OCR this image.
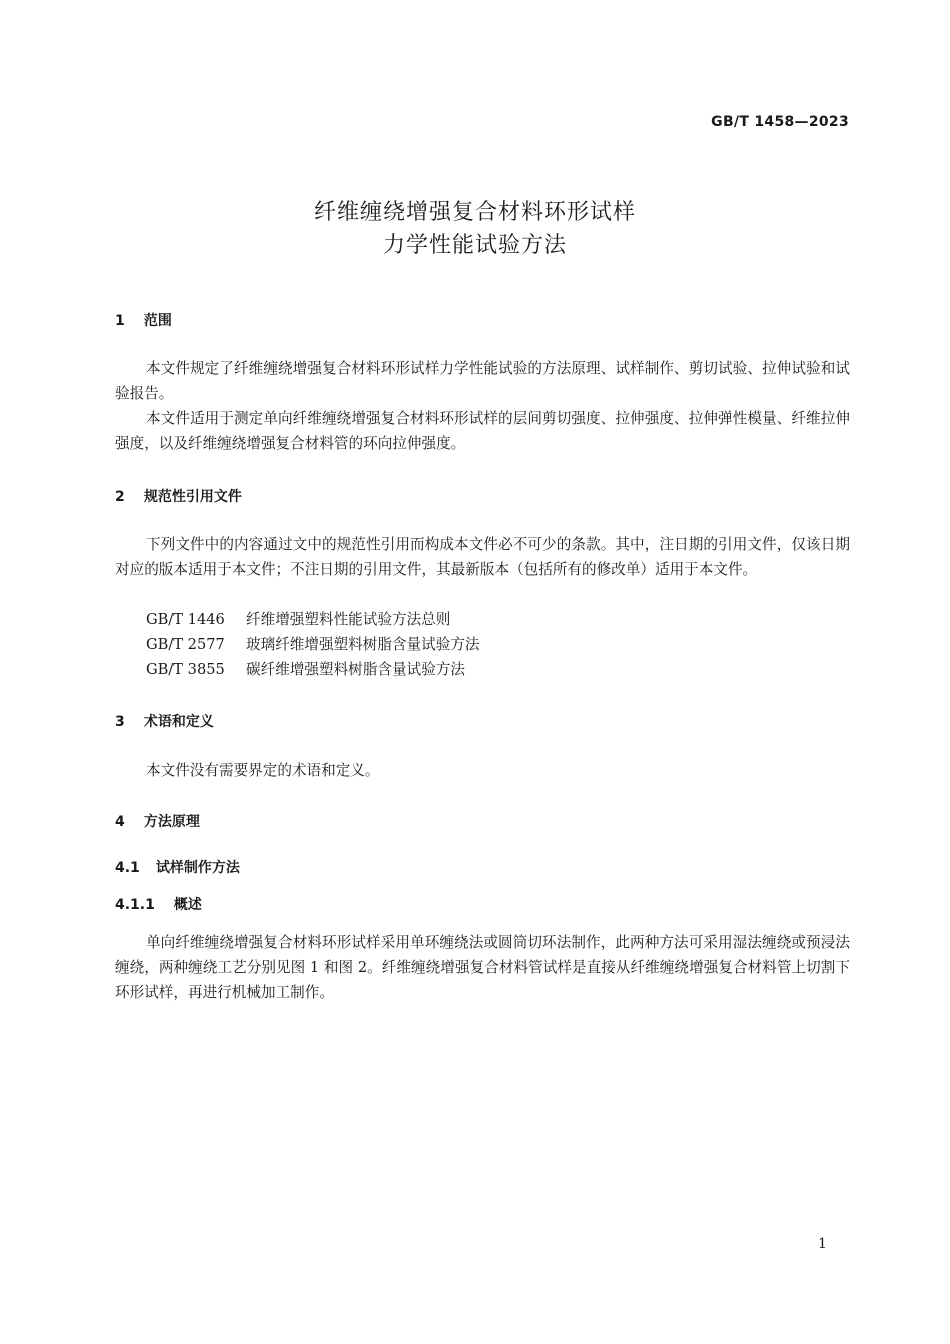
GB/T 1458—2023
纤维缠绕增强复合材料环形试样
力学性能试验方法
1 范围
本文件规定了纤维缠绕增强复合材料环形试样力学性能试验的方法原理、试样制作、剪切试验、拉伸试验和试验报告。
本文件适用于测定单向纤维缠绕增强复合材料环形试样的层间剪切强度、拉伸强度、拉伸弹性模量、纤维拉伸强度，以及纤维缠绕增强复合材料管的环向拉伸强度。
2 规范性引用文件
下列文件中的内容通过文中的规范性引用而构成本文件必不可少的条款。其中，注日期的引用文件，仅该日期对应的版本适用于本文件；不注日期的引用文件，其最新版本（包括所有的修改单）适用于本文件。
GB/T 1446 纤维增强塑料性能试验方法总则
GB/T 2577 玻璃纤维增强塑料树脂含量试验方法
GB/T 3855 碳纤维增强塑料树脂含量试验方法
3 术语和定义
本文件没有需要界定的术语和定义。
4 方法原理
4.1 试样制作方法
4.1.1 概述
单向纤维缠绕增强复合材料环形试样采用单环缠绕法或圆筒切环法制作，此两种方法可采用湿法缠绕或预浸法缠绕，两种缠绕工艺分别见图 1 和图 2。纤维缠绕增强复合材料管试样是直接从纤维缠绕增强复合材料管上切割下环形试样，再进行机械加工制作。
1
